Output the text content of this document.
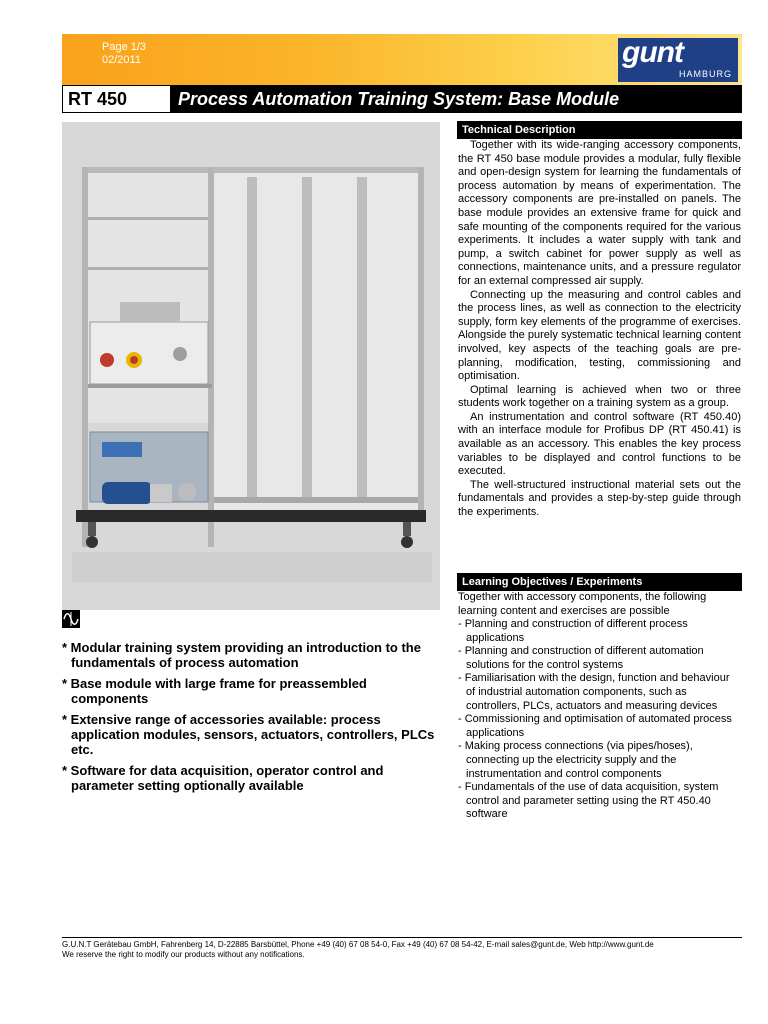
Page 1/3
02/2011	gunt
HAMBURG
RT 450	Process Automation Training System: Base Module
* Modular training system providing an introduction to the fundamentals of process automation
* Base module with large frame for preassembled components
* Extensive range of accessories available: process application modules, sensors, actuators, controllers, PLCs etc.
* Software for data acquisition, operator control and parameter setting optionally available
Technical Description

Together with its wide-ranging accessory components, the RT 450 base module provides a modular, fully flexible and open-design system for learning the fundamentals of process automation by means of experimentation. The accessory components are pre-installed on panels. The base module provides an extensive frame for quick and safe mounting of the components required for the various experiments. It includes a water supply with tank and pump, a switch cabinet for power supply as well as connections, maintenance units, and a pressure regulator for an external compressed air supply.

Connecting up the measuring and control cables and the process lines, as well as connection to the electricity supply, form key elements of the programme of exercises. Alongside the purely systematic technical learning content involved, key aspects of the teaching goals are pre-planning, modification, testing, commissioning and optimisation.

Optimal learning is achieved when two or three students work together on a training system as a group.

An instrumentation and control software (RT 450.40) with an interface module for Profibus DP (RT 450.41) is available as an accessory. This enables the key process variables to be displayed and control functions to be executed.

The well-structured instructional material sets out the fundamentals and provides a step-by-step guide through the experiments.

Learning Objectives / Experiments
Together with accessory components, the following learning content and exercises are possible
- Planning and construction of different process applications
- Planning and construction of different automation solutions for the control systems
- Familiarisation with the design, function and behaviour of industrial automation components, such as controllers, PLCs, actuators and measuring devices
- Commissioning and optimisation of automated process applications
- Making process connections (via pipes/hoses), connecting up the electricity supply and the instrumentation and control components
- Fundamentals of the use of data acquisition, system control and parameter setting using the RT 450.40 software
G.U.N.T Gerätebau GmbH, Fahrenberg 14, D-22885 Barsbüttel, Phone +49 (40) 67 08 54-0, Fax +49 (40) 67 08 54-42, E-mail sales@gunt.de, Web http://www.gunt.de
We reserve the right to modify our products without any notifications.
